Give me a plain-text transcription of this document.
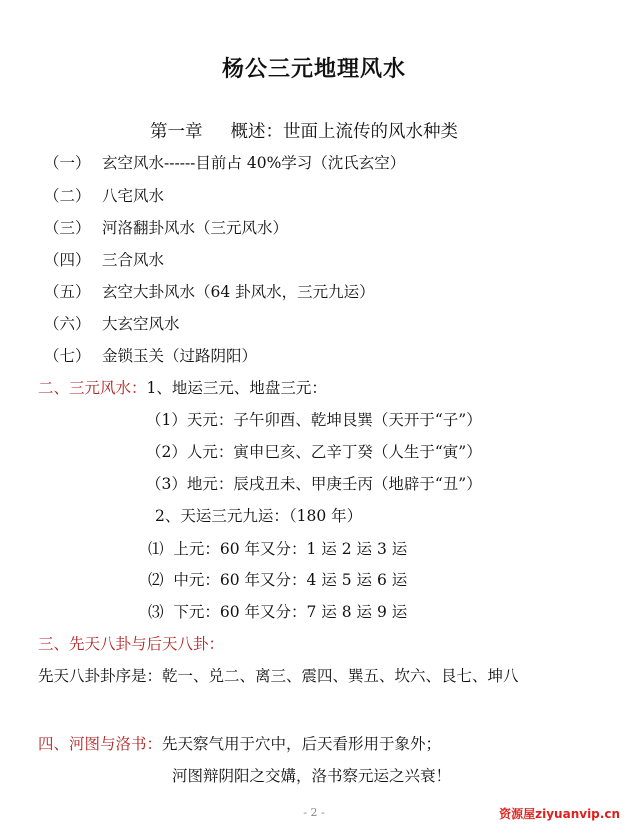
杨公三元地理风水
第一章 概述：世面上流传的风水种类
（一） 玄空风水------目前占 40%学习（沈氏玄空）
（二） 八宅风水
（三） 河洛翻卦风水（三元风水）
（四） 三合风水
（五） 玄空大卦风水（64 卦风水，三元九运）
（六） 大玄空风水
（七） 金锁玉关（过路阴阳）
二、三元风水：1、地运三元、地盘三元：
（1）天元：子午卯酉、乾坤艮巽（天开于“子”）
（2）人元：寅申巳亥、乙辛丁癸（人生于“寅”）
（3）地元：辰戌丑未、甲庚壬丙（地辟于“丑”）
2、天运三元九运：（180 年）
⑴ 上元：60 年又分：1 运 2 运 3 运
⑵ 中元：60 年又分：4 运 5 运 6 运
⑶ 下元：60 年又分：7 运 8 运 9 运
三、先天八卦与后天八卦：
先天八卦卦序是：乾一、兑二、离三、震四、巽五、坎六、艮七、坤八
四、河图与洛书：先天察气用于穴中，后天看形用于象外；
河图辩阴阳之交媾，洛书察元运之兴衰！
- 2 -	资源屋ziyuanvip.cn
